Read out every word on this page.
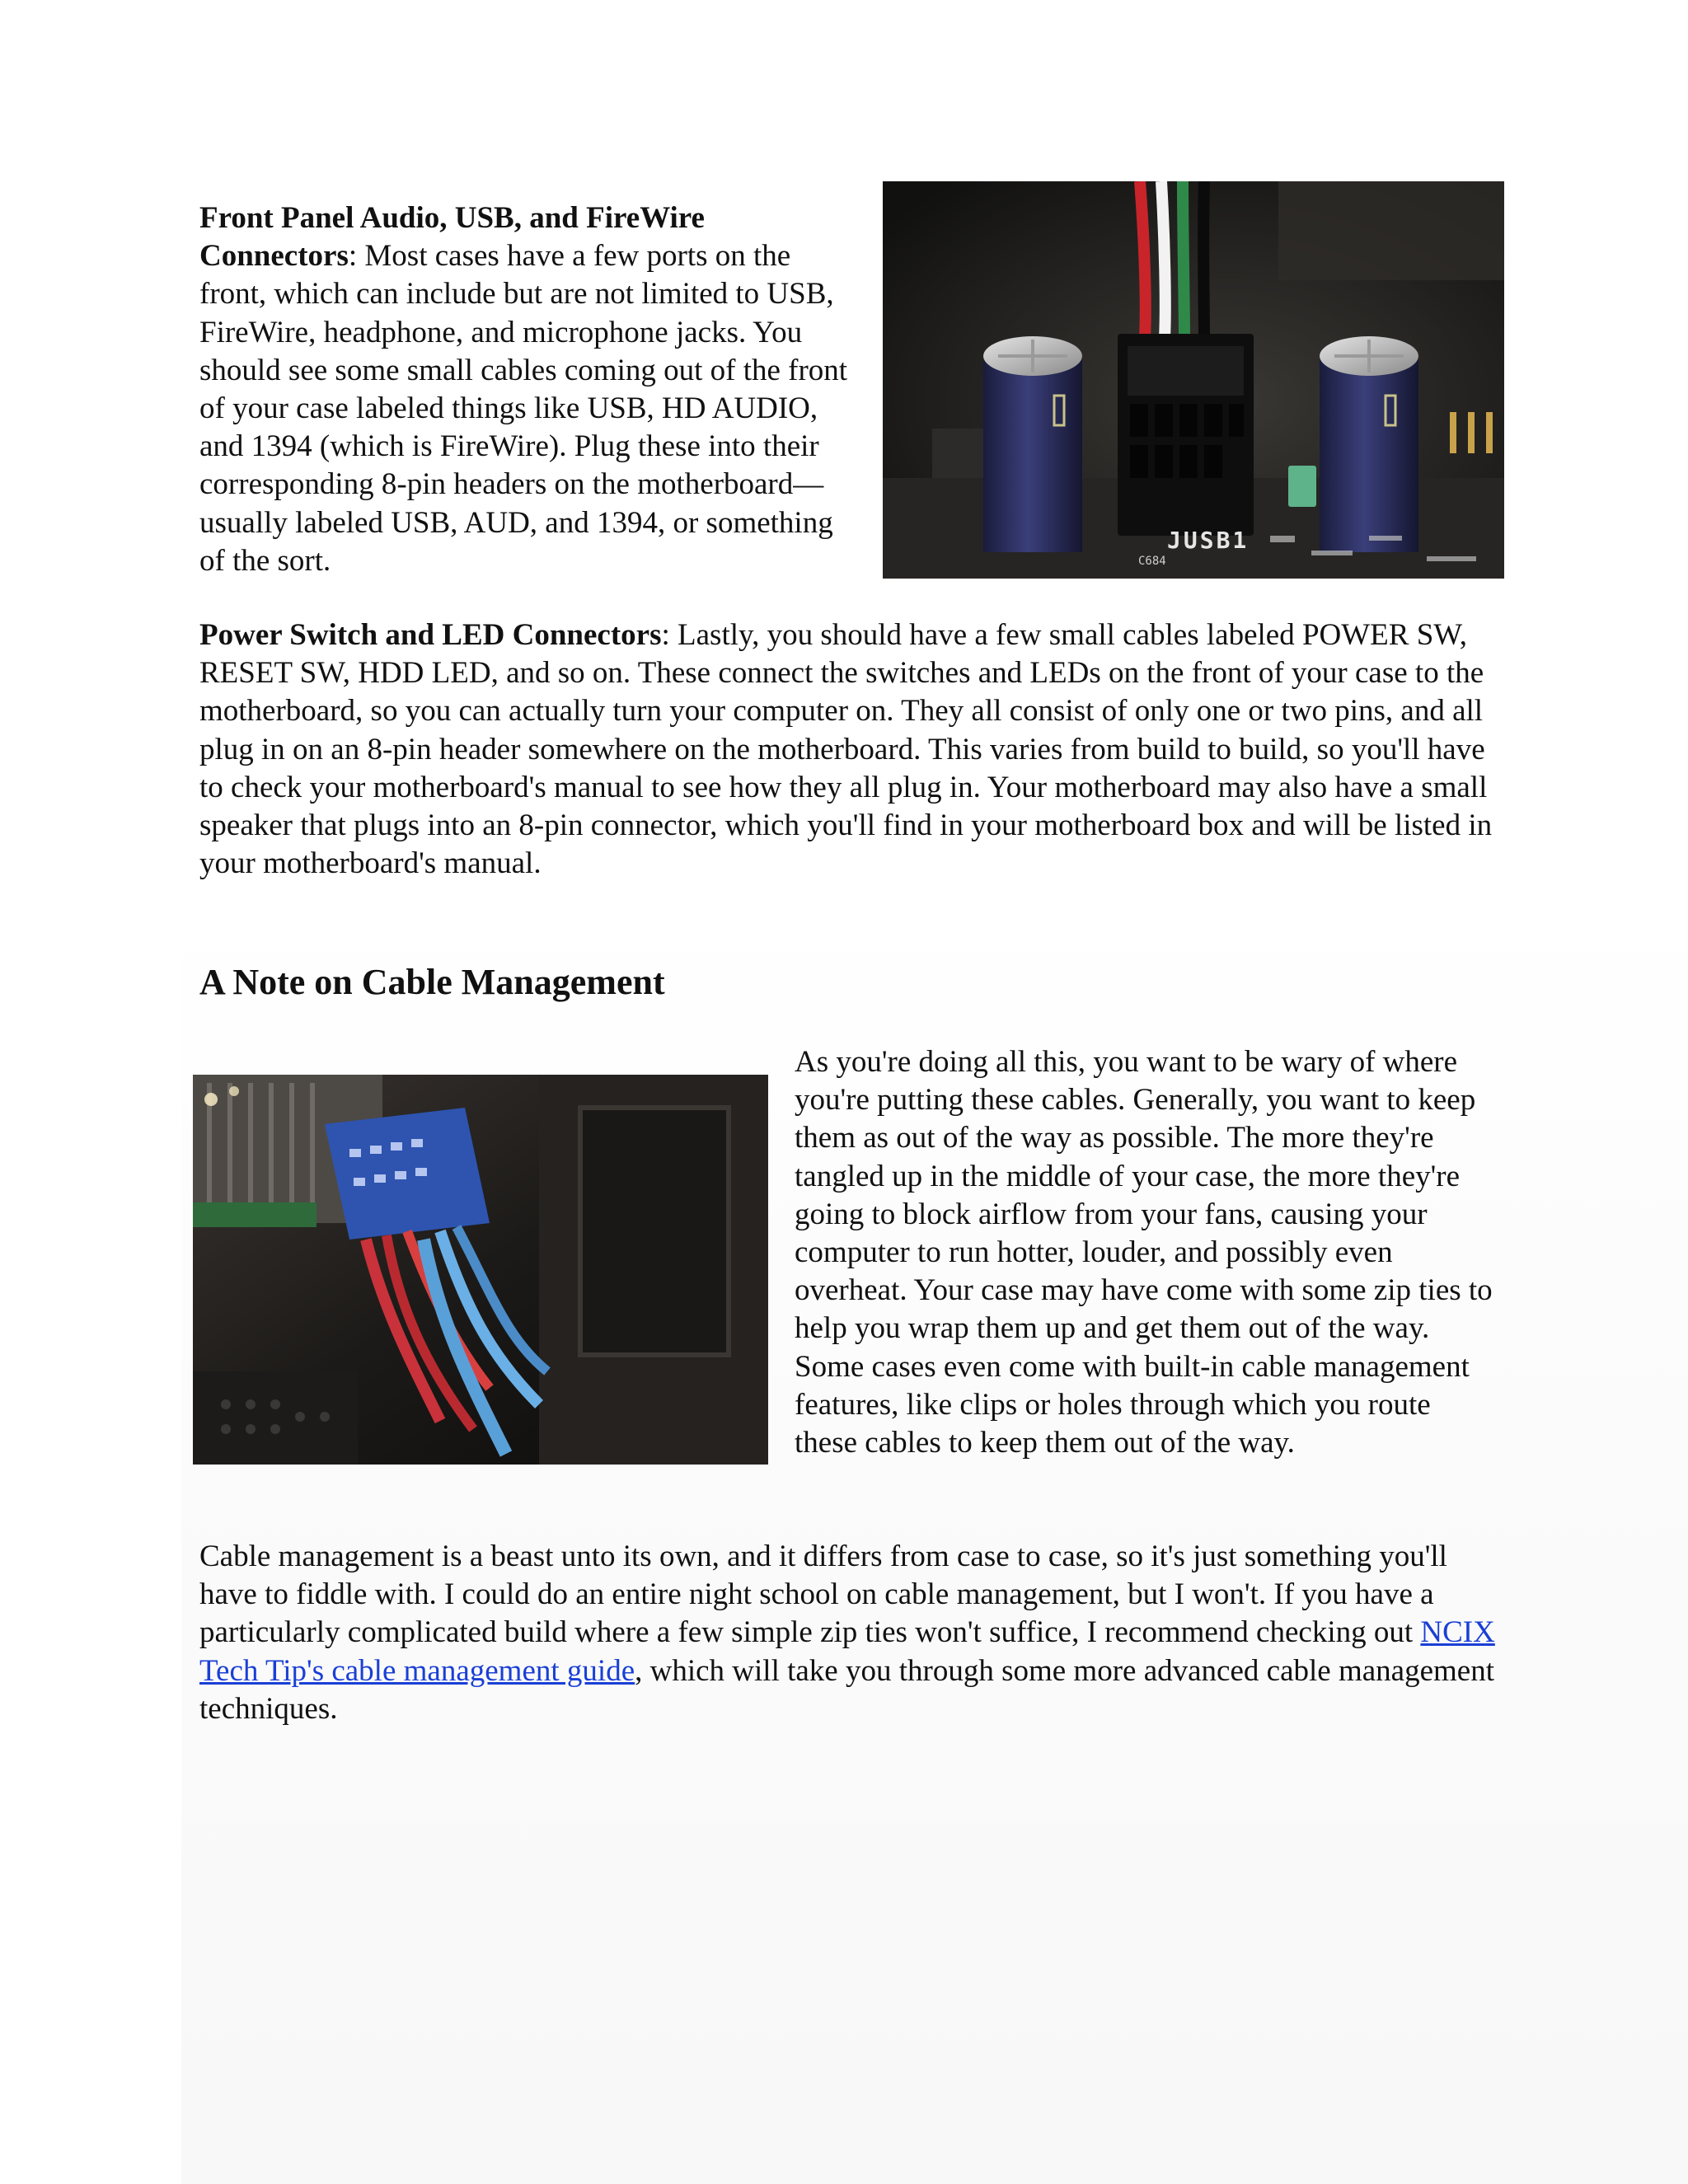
Front Panel Audio, USB, and FireWire Connectors: Most cases have a few ports on the front, which can include but are not limited to USB, FireWire, headphone, and microphone jacks. You should see some small cables coming out of the front of your case labeled things like USB, HD AUDIO, and 1394 (which is FireWire). Plug these into their corresponding 8-pin headers on the motherboard—usually labeled USB, AUD, and 1394, or something of the sort.
JUSB1
C684
Power Switch and LED Connectors: Lastly, you should have a few small cables labeled POWER SW, RESET SW, HDD LED, and so on. These connect the switches and LEDs on the front of your case to the motherboard, so you can actually turn your computer on. They all consist of only one or two pins, and all plug in on an 8-pin header somewhere on the motherboard. This varies from build to build, so you'll have to check your motherboard's manual to see how they all plug in. Your motherboard may also have a small speaker that plugs into an 8-pin connector, which you'll find in your motherboard box and will be listed in your motherboard's manual.
A Note on Cable Management
As you're doing all this, you want to be wary of where you're putting these cables. Generally, you want to keep them as out of the way as possible. The more they're tangled up in the middle of your case, the more they're going to block airflow from your fans, causing your computer to run hotter, louder, and possibly even overheat. Your case may have come with some zip ties to help you wrap them up and get them out of the way. Some cases even come with built-in cable management features, like clips or holes through which you route these cables to keep them out of the way.
Cable management is a beast unto its own, and it differs from case to case, so it's just something you'll have to fiddle with. I could do an entire night school on cable management, but I won't. If you have a particularly complicated build where a few simple zip ties won't suffice, I recommend checking out NCIX Tech Tip's cable management guide, which will take you through some more advanced cable management techniques.
